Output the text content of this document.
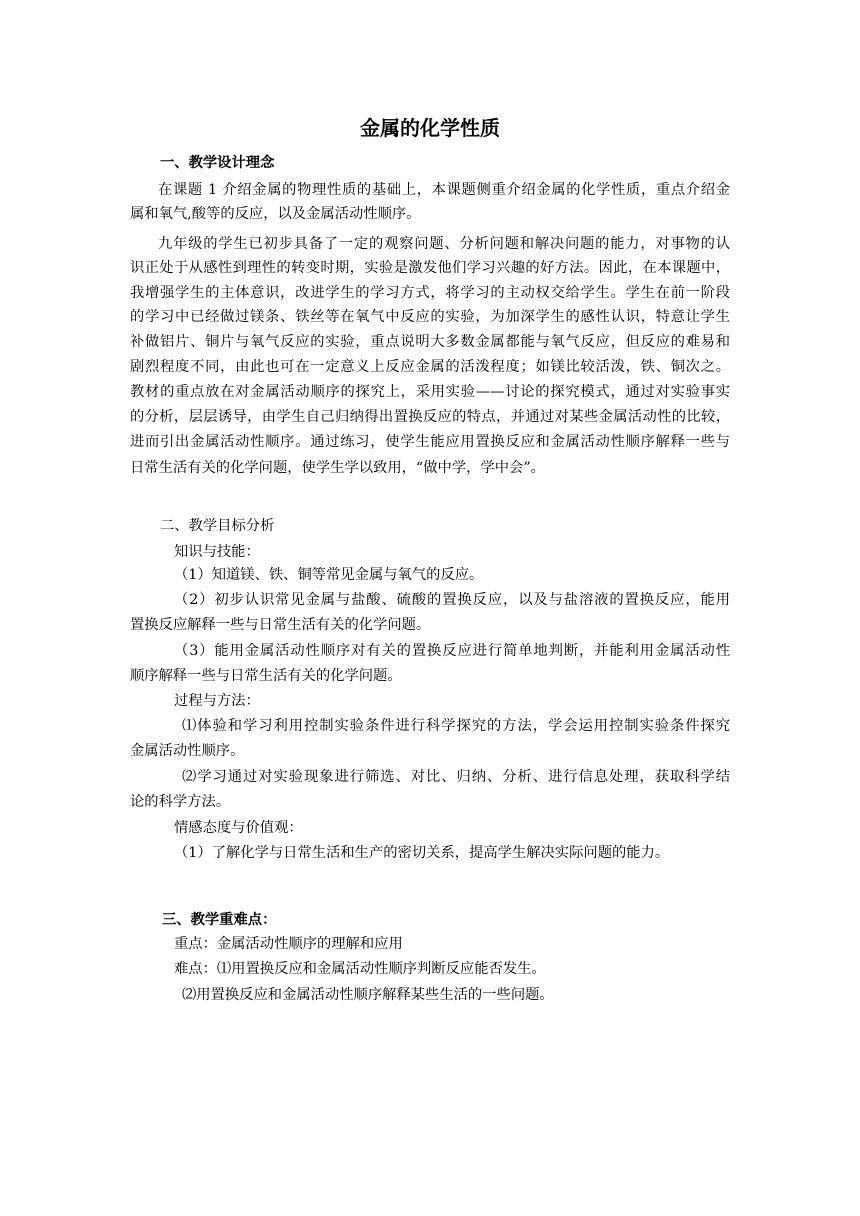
金属的化学性质
一、教学设计理念
在课题 1 介绍金属的物理性质的基础上，本课题侧重介绍金属的化学性质，重点介绍金
属和氧气,酸等的反应，以及金属活动性顺序。
九年级的学生已初步具备了一定的观察问题、分析问题和解决问题的能力，对事物的认
识正处于从感性到理性的转变时期，实验是激发他们学习兴趣的好方法。因此，在本课题中，
我增强学生的主体意识，改进学生的学习方式，将学习的主动权交给学生。学生在前一阶段
的学习中已经做过镁条、铁丝等在氧气中反应的实验，为加深学生的感性认识，特意让学生
补做铝片、铜片与氧气反应的实验，重点说明大多数金属都能与氧气反应，但反应的难易和
剧烈程度不同，由此也可在一定意义上反应金属的活泼程度；如镁比较活泼，铁、铜次之。
教材的重点放在对金属活动顺序的探究上，采用实验——讨论的探究模式，通过对实验事实
的分析，层层诱导，由学生自己归纳得出置换反应的特点，并通过对某些金属活动性的比较，
进而引出金属活动性顺序。通过练习，使学生能应用置换反应和金属活动性顺序解释一些与
日常生活有关的化学问题，使学生学以致用，“做中学，学中会”。
二、教学目标分析
知识与技能：
（1）知道镁、铁、铜等常见金属与氧气的反应。
（2）初步认识常见金属与盐酸、硫酸的置换反应，以及与盐溶液的置换反应，能用
置换反应解释一些与日常生活有关的化学问题。
（3）能用金属活动性顺序对有关的置换反应进行简单地判断，并能利用金属活动性
顺序解释一些与日常生活有关的化学问题。
过程与方法：
⑴体验和学习利用控制实验条件进行科学探究的方法，学会运用控制实验条件探究
金属活动性顺序。
⑵学习通过对实验现象进行筛选、对比、归纳、分析、进行信息处理，获取科学结
论的科学方法。
情感态度与价值观：
（1）了解化学与日常生活和生产的密切关系，提高学生解决实际问题的能力。
三、教学重难点：
重点：金属活动性顺序的理解和应用
难点：⑴用置换反应和金属活动性顺序判断反应能否发生。
⑵用置换反应和金属活动性顺序解释某些生活的一些问题。
